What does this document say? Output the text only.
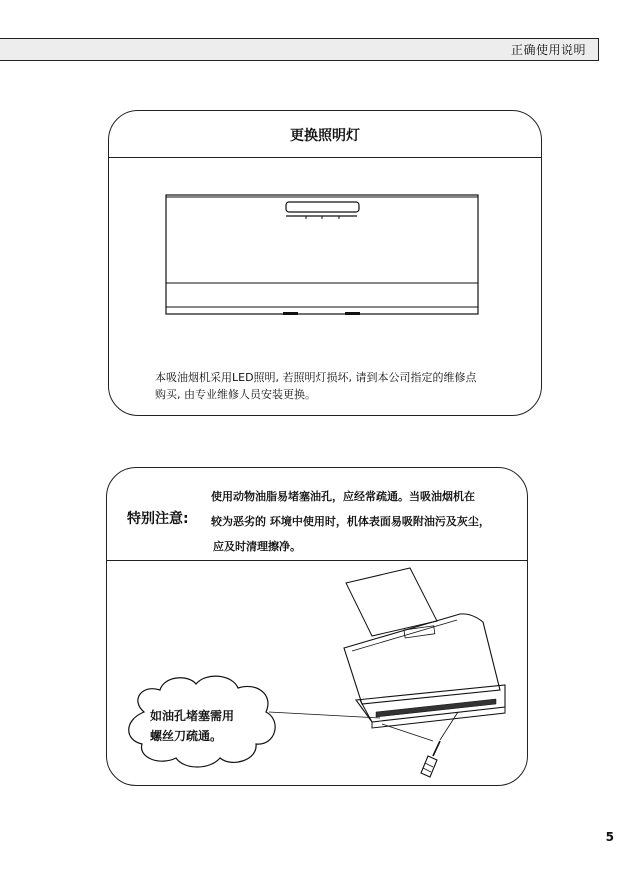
正确使用说明
更换照明灯
本吸油烟机采用LED照明, 若照明灯损坏, 请到本公司指定的维修点
购买, 由专业维修人员安装更换。
特别注意:
使用动物油脂易堵塞油孔，应经常疏通。当吸油烟机在
较为恶劣的 环境中使用时，机体表面易吸附油污及灰尘，
应及时清理擦净。
如油孔堵塞需用
螺丝刀疏通。
5
